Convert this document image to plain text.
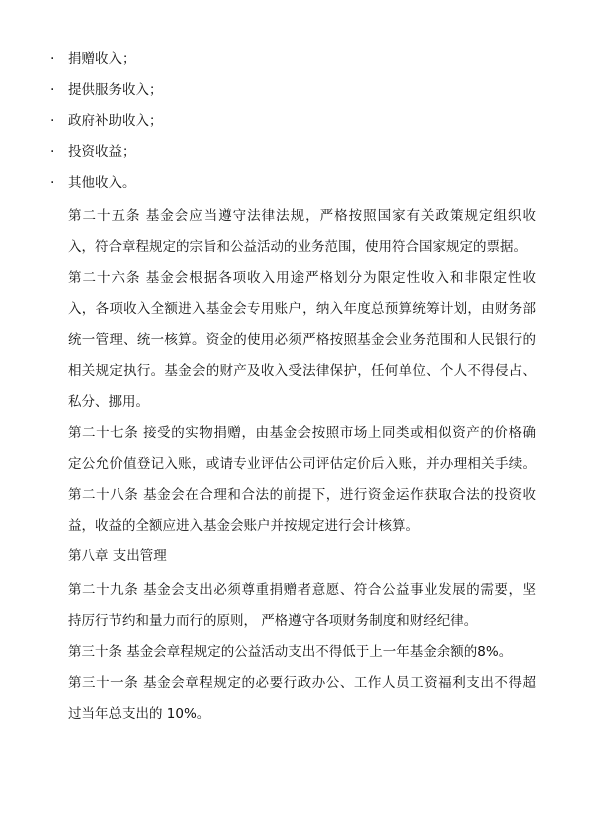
· 捐赠收入；
· 提供服务收入；
· 政府补助收入；
· 投资收益；
· 其他收入。

第二十五条 基金会应当遵守法律法规，严格按照国家有关政策规定组织收
入，符合章程规定的宗旨和公益活动的业务范围，使用符合国家规定的票据。

第二十六条 基金会根据各项收入用途严格划分为限定性收入和非限定性收
入，各项收入全额进入基金会专用账户，纳入年度总预算统筹计划，由财务部
统一管理、统一核算。资金的使用必须严格按照基金会业务范围和人民银行的
相关规定执行。基金会的财产及收入受法律保护，任何单位、个人不得侵占、
私分、挪用。

第二十七条 接受的实物捐赠，由基金会按照市场上同类或相似资产的价格确
定公允价值登记入账，或请专业评估公司评估定价后入账，并办理相关手续。

第二十八条 基金会在合理和合法的前提下，进行资金运作获取合法的投资收
益，收益的全额应进入基金会账户并按规定进行会计核算。

第八章 支出管理

第二十九条 基金会支出必须尊重捐赠者意愿、符合公益事业发展的需要，坚
持厉行节约和量力而行的原则， 严格遵守各项财务制度和财经纪律。

第三十条 基金会章程规定的公益活动支出不得低于上一年基金余额的8%。

第三十一条 基金会章程规定的必要行政办公、工作人员工资福利支出不得超
过当年总支出的 10%。
